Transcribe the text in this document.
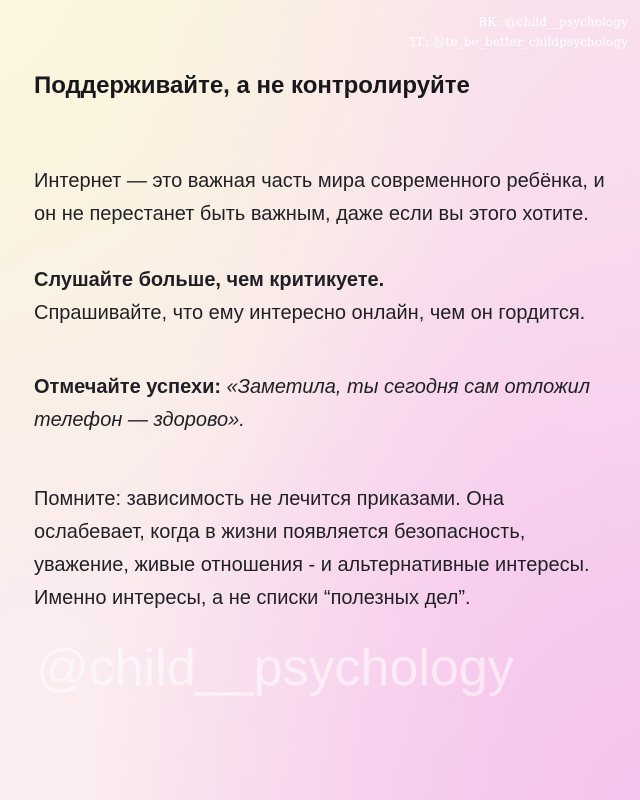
ВК: @child__psychology
ТГ: @to_be_better_childpsychology
@child__psychology
Поддерживайте, а не контролируйте

Интернет — это важная часть мира современного ребёнка, и он не перестанет быть важным, даже если вы этого хотите.

Слушайте больше, чем критикуете.
Спрашивайте, что ему интересно онлайн, чем он гордится.

Отмечайте успехи: «Заметила, ты сегодня сам отложил телефон — здорово».

Помните: зависимость не лечится приказами. Она ослабевает, когда в жизни появляется безопасность, уважение, живые отношения - и альтернативные интересы. Именно интересы, а не списки “полезных дел”.
